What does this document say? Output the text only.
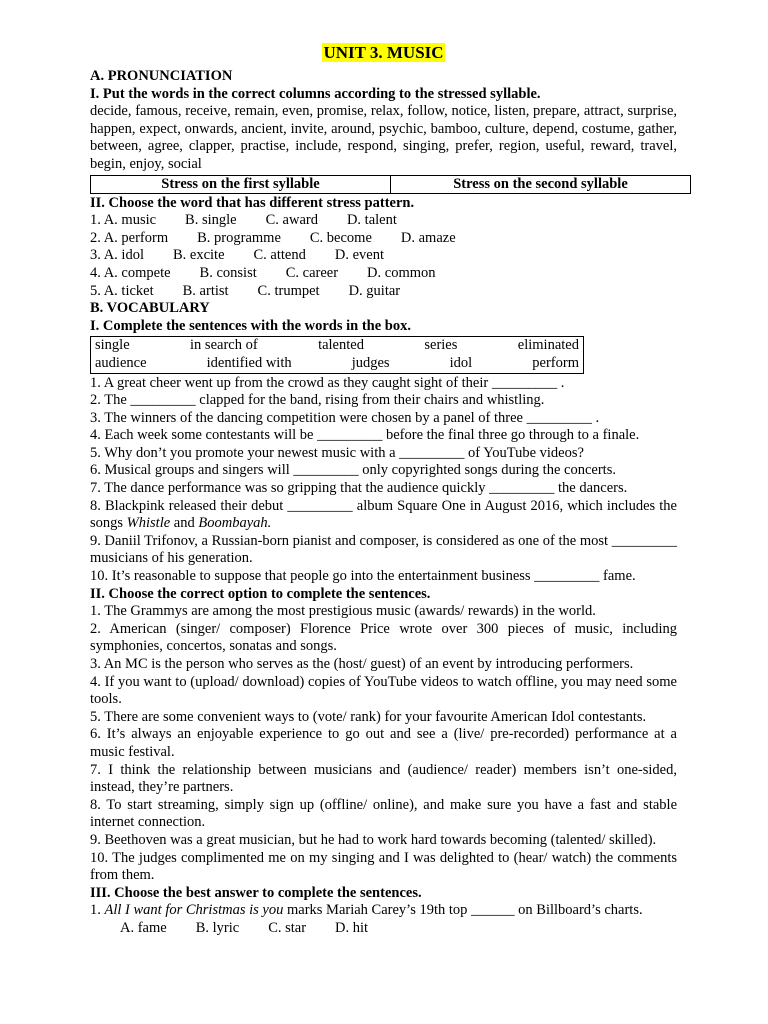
UNIT 3. MUSIC

A. PRONUNCIATION

I. Put the words in the correct columns according to the stressed syllable.

decide, famous, receive, remain, even, promise, relax, follow, notice, listen, prepare, attract, surprise, happen, expect, onwards, ancient, invite, around, psychic, bamboo, culture, depend, costume, gather, between, agree, clapper, practise, include, respond, singing, prefer, region, useful, reward, travel, begin, enjoy, social

Stress on the first syllable	Stress on the second syllable

II. Choose the word that has different stress pattern.

1. A. music        B. single        C. award        D. talent

2. A. perform        B. programme        C. become        D. amaze

3. A. idol        B. excite        C. attend        D. event

4. A. compete        B. consist        C. career        D. common

5. A. ticket        B. artist        C. trumpet        D. guitar

B. VOCABULARY

I. Complete the sentences with the words in the box.

single	in search of	talented	series	eliminated
audience	identified with	judges	idol	perform

1. A great cheer went up from the crowd as they caught sight of their _________ .

2. The _________ clapped for the band, rising from their chairs and whistling.

3. The winners of the dancing competition were chosen by a panel of three _________ .

4. Each week some contestants will be _________ before the final three go through to a finale.

5. Why don’t you promote your newest music with a _________ of YouTube videos?

6. Musical groups and singers will _________ only copyrighted songs during the concerts.

7. The dance performance was so gripping that the audience quickly _________ the dancers.

8. Blackpink released their debut _________ album Square One in August 2016, which includes the songs Whistle and Boombayah.

9. Daniil Trifonov, a Russian-born pianist and composer, is considered as one of the most _________ musicians of his generation.

10. It’s reasonable to suppose that people go into the entertainment business _________ fame.

II. Choose the correct option to complete the sentences.

1. The Grammys are among the most prestigious music (awards/ rewards) in the world.

2. American (singer/ composer) Florence Price wrote over 300 pieces of music, including symphonies, concertos, sonatas and songs.

3. An MC is the person who serves as the (host/ guest) of an event by introducing performers.

4. If you want to (upload/ download) copies of YouTube videos to watch offline, you may need some tools.

5. There are some convenient ways to (vote/ rank) for your favourite American Idol contestants.

6. It’s always an enjoyable experience to go out and see a (live/ pre-recorded) performance at a music festival.

7. I think the relationship between musicians and (audience/ reader) members isn’t one-sided, instead, they’re partners.

8. To start streaming, simply sign up (offline/ online), and make sure you have a fast and stable internet connection.

9. Beethoven was a great musician, but he had to work hard towards becoming (talented/ skilled).

10. The judges complimented me on my singing and I was delighted to (hear/ watch) the comments from them.

III. Choose the best answer to complete the sentences.

1. All I want for Christmas is you marks Mariah Carey’s 19th top ______ on Billboard’s charts.

A. fame        B. lyric        C. star        D. hit
